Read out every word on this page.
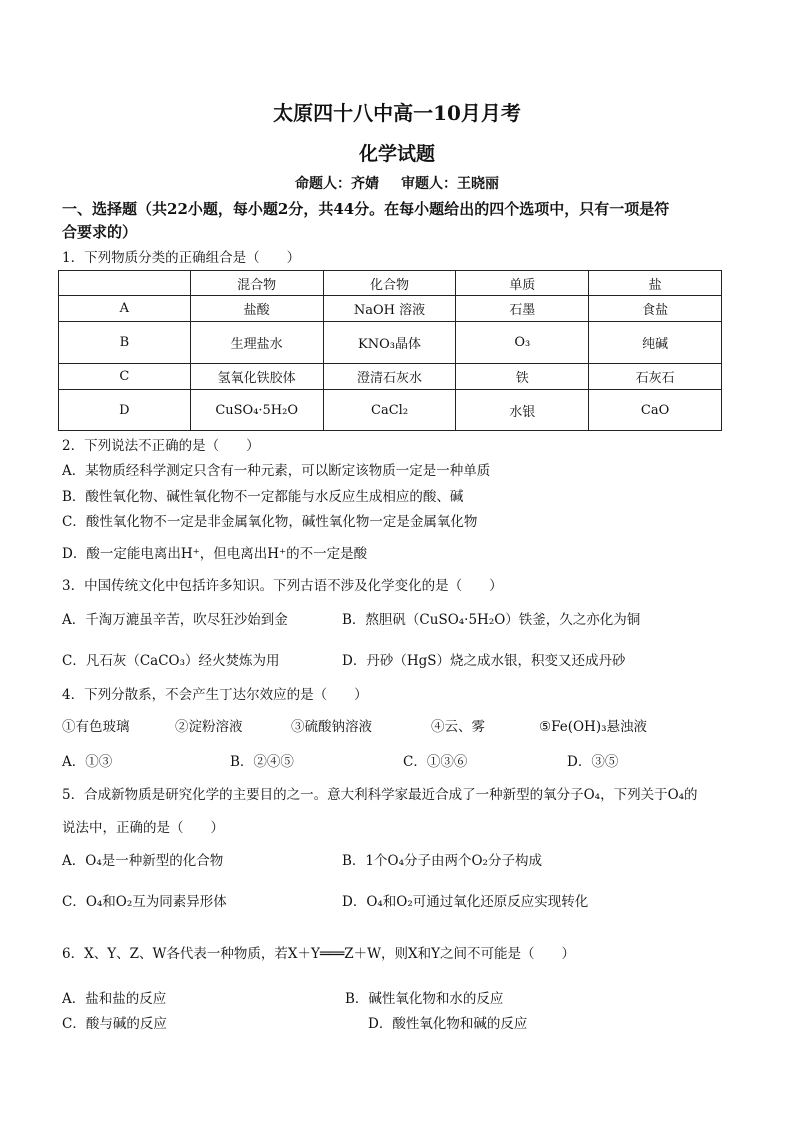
太原四十八中高一10月月考
化学试题
命题人：齐婧 审题人：王晓丽
一、选择题（共22小题，每小题2分，共44分。在每小题给出的四个选项中，只有一项是符
合要求的）
1．下列物质分类的正确组合是（　　）
	混合物	化合物	单质	盐
A	盐酸	NaOH 溶液	石墨	食盐
B	生理盐水	KNO₃晶体	O₃	纯碱
C	氢氧化铁胶体	澄清石灰水	铁	石灰石
D	CuSO₄·5H₂O	CaCl₂	水银	CaO
2．下列说法不正确的是（　　）
A．某物质经科学测定只含有一种元素，可以断定该物质一定是一种单质
B．酸性氧化物、碱性氧化物不一定都能与水反应生成相应的酸、碱
C．酸性氧化物不一定是非金属氧化物，碱性氧化物一定是金属氧化物
D．酸一定能电离出H⁺，但电离出H⁺的不一定是酸
3．中国传统文化中包括许多知识。下列古语不涉及化学变化的是（　　）
A．千淘万漉虽辛苦，吹尽狂沙始到金	B．熬胆矾（CuSO₄·5H₂O）铁釜，久之亦化为铜
C．凡石灰（CaCO₃）经火焚炼为用	D．丹砂（HgS）烧之成水银，积变又还成丹砂
4．下列分散系，不会产生丁达尔效应的是（　　）
①有色玻璃	②淀粉溶液	③硫酸钠溶液	④云、雾	⑤Fe(OH)₃悬浊液
A．①③	B．②④⑤	C．①③⑥	D．③⑤
5．合成新物质是研究化学的主要目的之一。意大利科学家最近合成了一种新型的氧分子O₄，下列关于O₄的
说法中，正确的是（　　）
A．O₄是一种新型的化合物	B．1个O₄分子由两个O₂分子构成
C．O₄和O₂互为同素异形体	D．O₄和O₂可通过氧化还原反应实现转化
6．X、Y、Z、W各代表一种物质，若X＋Y═══Z＋W，则X和Y之间不可能是（　　）
A．盐和盐的反应	B．碱性氧化物和水的反应
C．酸与碱的反应	D．酸性氧化物和碱的反应
